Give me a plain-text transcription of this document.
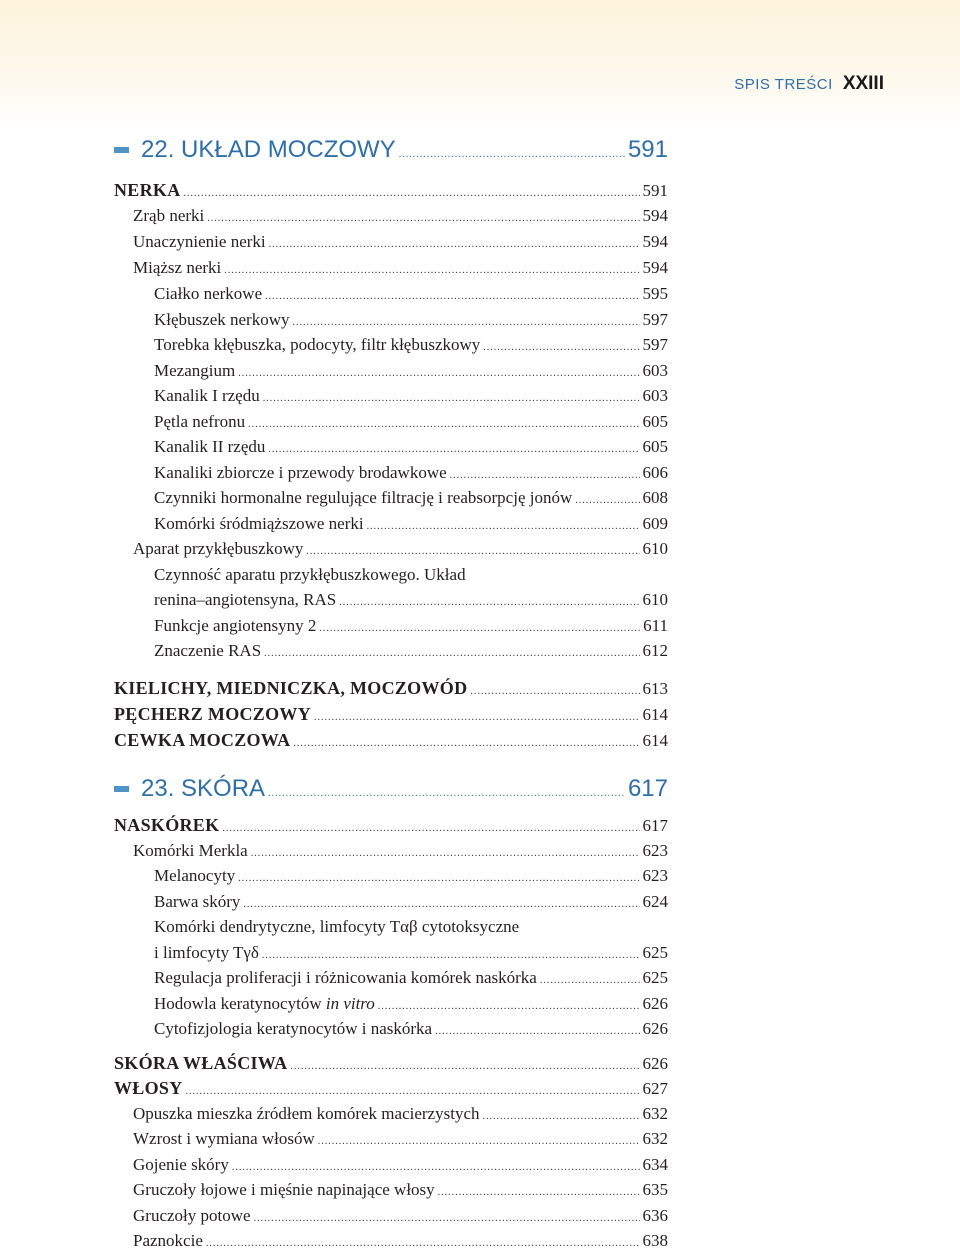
SPIS TREŚCI XXIII
22. UKŁAD MOCZOWY .....	591
NERKA .....	591
Zrąb nerki .....	594
Unaczynienie nerki .....	594
Miąższ nerki .....	594
Ciałko nerkowe .....	595
Kłębuszek nerkowy .....	597
Torebka kłębuszka, podocyty, filtr kłębuszkowy .....	597
Mezangium .....	603
Kanalik I rzędu .....	603
Pętla nefronu .....	605
Kanalik II rzędu .....	605
Kanaliki zbiorcze i przewody brodawkowe .....	606
Czynniki hormonalne regulujące filtrację i reabsorpcję jonów .....	608
Komórki śródmiąższowe nerki .....	609
Aparat przykłębuszkowy .....	610
Czynność aparatu przykłębuszkowego. Układ
renina–angiotensyna, RAS .....	610
Funkcje angiotensyny 2 .....	611
Znaczenie RAS .....	612
KIELICHY, MIEDNICZKA, MOCZOWÓD .....	613
PĘCHERZ MOCZOWY .....	614
CEWKA MOCZOWA .....	614
23. SKÓRA .....	617
NASKÓREK .....	617
Komórki Merkla .....	623
Melanocyty .....	623
Barwa skóry .....	624
Komórki dendrytyczne, limfocyty Tαβ cytotoksyczne
i limfocyty Tγδ .....	625
Regulacja proliferacji i różnicowania komórek naskórka .....	625
Hodowla keratynocytów in vitro .....	626
Cytofizjologia keratynocytów i naskórka .....	626
SKÓRA WŁAŚCIWA .....	626
WŁOSY .....	627
Opuszka mieszka źródłem komórek macierzystych .....	632
Wzrost i wymiana włosów .....	632
Gojenie skóry .....	634
Gruczoły łojowe i mięśnie napinające włosy .....	635
Gruczoły potowe .....	636
Paznokcie .....	638
